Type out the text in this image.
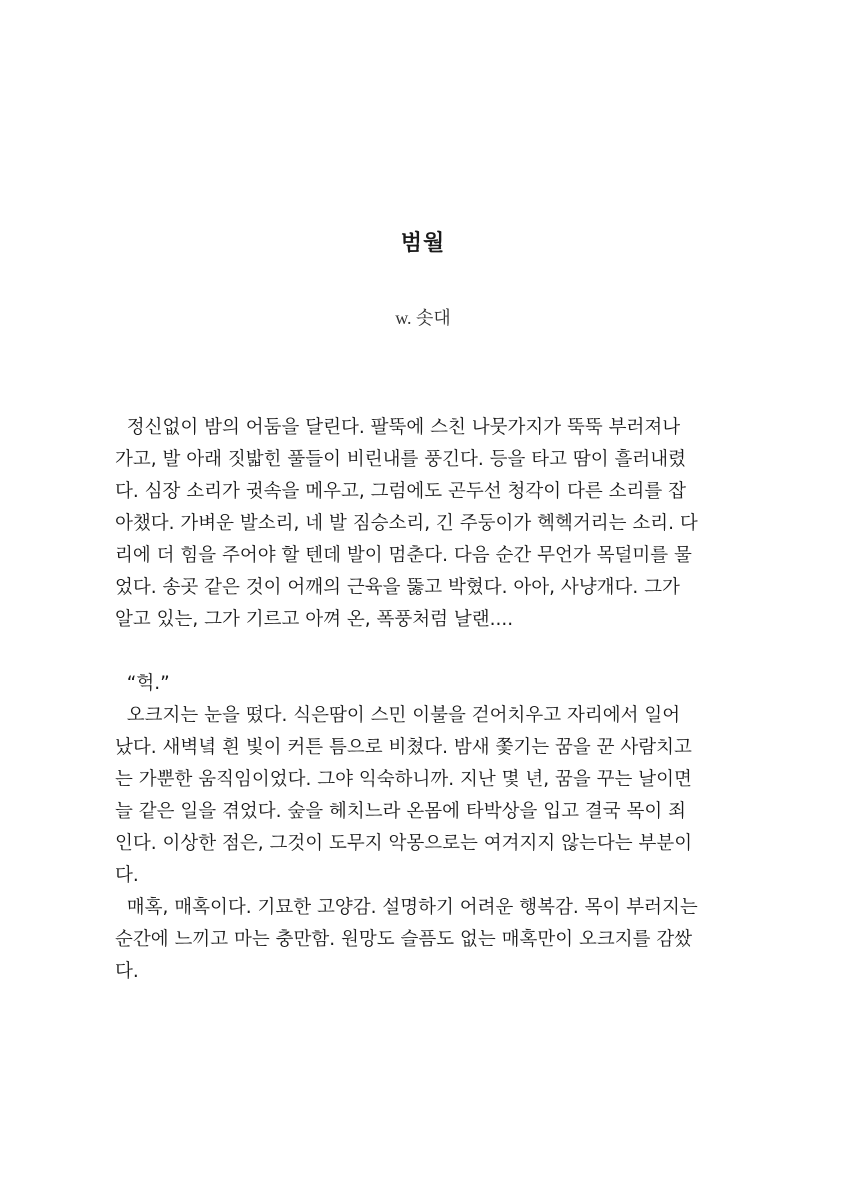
범월
w. 솟대
정신없이 밤의 어둠을 달린다. 팔뚝에 스친 나뭇가지가 뚝뚝 부러져나
가고, 발 아래 짓밟힌 풀들이 비린내를 풍긴다. 등을 타고 땀이 흘러내렸
다. 심장 소리가 귓속을 메우고, 그럼에도 곤두선 청각이 다른 소리를 잡
아챘다. 가벼운 발소리, 네 발 짐승소리, 긴 주둥이가 헥헥거리는 소리. 다
리에 더 힘을 주어야 할 텐데 발이 멈춘다. 다음 순간 무언가 목덜미를 물
었다. 송곳 같은 것이 어깨의 근육을 뚫고 박혔다. 아아, 사냥개다. 그가
알고 있는, 그가 기르고 아껴 온, 폭풍처럼 날랜....
“헉.”
오크지는 눈을 떴다. 식은땀이 스민 이불을 걷어치우고 자리에서 일어
났다. 새벽녘 흰 빛이 커튼 틈으로 비쳤다. 밤새 쫓기는 꿈을 꾼 사람치고
는 가뿐한 움직임이었다. 그야 익숙하니까. 지난 몇 년, 꿈을 꾸는 날이면
늘 같은 일을 겪었다. 숲을 헤치느라 온몸에 타박상을 입고 결국 목이 죄
인다. 이상한 점은, 그것이 도무지 악몽으로는 여겨지지 않는다는 부분이
다.
매혹, 매혹이다. 기묘한 고양감. 설명하기 어려운 행복감. 목이 부러지는
순간에 느끼고 마는 충만함. 원망도 슬픔도 없는 매혹만이 오크지를 감쌌
다.
